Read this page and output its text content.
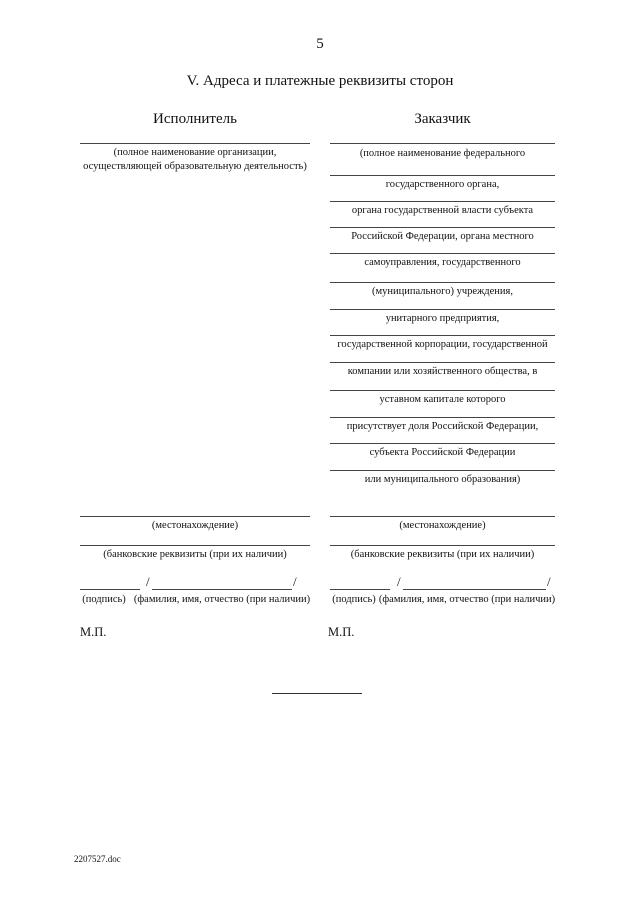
5
V. Адреса и платежные реквизиты сторон
Исполнитель	Заказчик
(полное наименование организации,
осуществляющей образовательную деятельность)
(местонахождение)
(банковские реквизиты (при их наличии)
/	/
(подпись) (фамилия, имя, отчество (при наличии)
М.П.
(полное наименование федерального
государственного органа,
органа государственной власти субъекта
Российской Федерации, органа местного
самоуправления, государственного
(муниципального) учреждения,
унитарного предприятия,
государственной корпорации, государственной
компании или хозяйственного общества, в
уставном капитале которого
присутствует доля Российской Федерации,
субъекта Российской Федерации
или муниципального образования)
(местонахождение)
(банковские реквизиты (при их наличии)
/	/
(подпись) (фамилия, имя, отчество (при наличии)
М.П.
2207527.doc
